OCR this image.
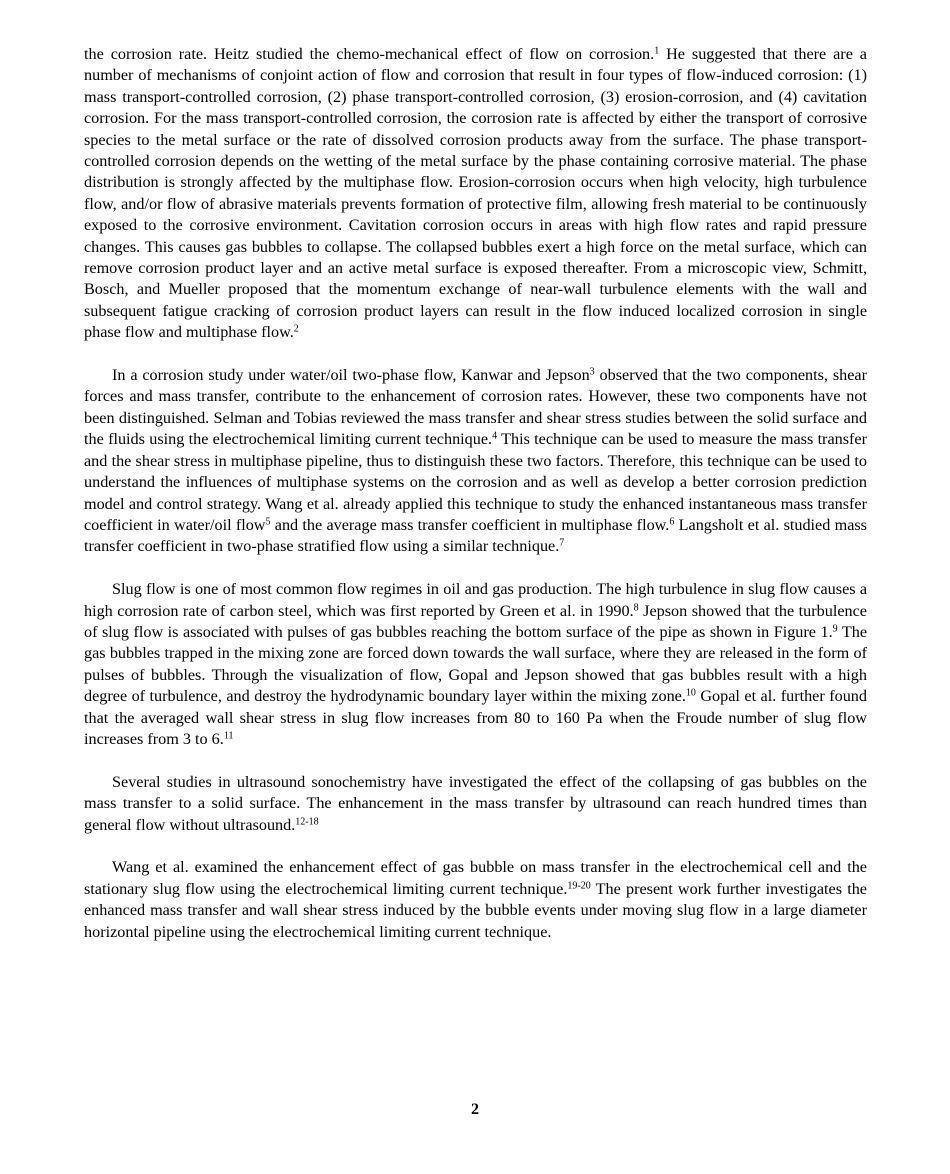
the corrosion rate. Heitz studied the chemo-mechanical effect of flow on corrosion.$^1$ He suggested that there are a number of mechanisms of conjoint action of flow and corrosion that result in four types of flow-induced corrosion: (1) mass transport-controlled corrosion, (2) phase transport-controlled corrosion, (3) erosion-corrosion, and (4) cavitation corrosion. For the mass transport-controlled corrosion, the corrosion rate is affected by either the transport of corrosive species to the metal surface or the rate of dissolved corrosion products away from the surface. The phase transport-controlled corrosion depends on the wetting of the metal surface by the phase containing corrosive material. The phase distribution is strongly affected by the multiphase flow. Erosion-corrosion occurs when high velocity, high turbulence flow, and/or flow of abrasive materials prevents formation of protective film, allowing fresh material to be continuously exposed to the corrosive environment. Cavitation corrosion occurs in areas with high flow rates and rapid pressure changes. This causes gas bubbles to collapse. The collapsed bubbles exert a high force on the metal surface, which can remove corrosion product layer and an active metal surface is exposed thereafter. From a microscopic view, Schmitt, Bosch, and Mueller proposed that the momentum exchange of near-wall turbulence elements with the wall and subsequent fatigue cracking of corrosion product layers can result in the flow induced localized corrosion in single phase flow and multiphase flow.$^2$

In a corrosion study under water/oil two-phase flow, Kanwar and Jepson$^3$ observed that the two components, shear forces and mass transfer, contribute to the enhancement of corrosion rates. However, these two components have not been distinguished. Selman and Tobias reviewed the mass transfer and shear stress studies between the solid surface and the fluids using the electrochemical limiting current technique.$^4$ This technique can be used to measure the mass transfer and the shear stress in multiphase pipeline, thus to distinguish these two factors. Therefore, this technique can be used to understand the influences of multiphase systems on the corrosion and as well as develop a better corrosion prediction model and control strategy. Wang et al. already applied this technique to study the enhanced instantaneous mass transfer coefficient in water/oil flow$^5$ and the average mass transfer coefficient in multiphase flow.$^6$ Langsholt et al. studied mass transfer coefficient in two-phase stratified flow using a similar technique.$^7$

Slug flow is one of most common flow regimes in oil and gas production. The high turbulence in slug flow causes a high corrosion rate of carbon steel, which was first reported by Green et al. in 1990.$^8$ Jepson showed that the turbulence of slug flow is associated with pulses of gas bubbles reaching the bottom surface of the pipe as shown in Figure 1.$^9$ The gas bubbles trapped in the mixing zone are forced down towards the wall surface, where they are released in the form of pulses of bubbles. Through the visualization of flow, Gopal and Jepson showed that gas bubbles result with a high degree of turbulence, and destroy the hydrodynamic boundary layer within the mixing zone.$^{10}$ Gopal et al. further found that the averaged wall shear stress in slug flow increases from 80 to 160 Pa when the Froude number of slug flow increases from 3 to 6.11

Several studies in ultrasound sonochemistry have investigated the effect of the collapsing of gas bubbles on the mass transfer to a solid surface. The enhancement in the mass transfer by ultrasound can reach hundred times than general flow without ultrasound.$^{12-18}$

Wang et al. examined the enhancement effect of gas bubble on mass transfer in the electrochemical cell and the stationary slug flow using the electrochemical limiting current technique.$^{19-20}$ The present work further investigates the enhanced mass transfer and wall shear stress induced by the bubble events under moving slug flow in a large diameter horizontal pipeline using the electrochemical limiting current technique.

2
